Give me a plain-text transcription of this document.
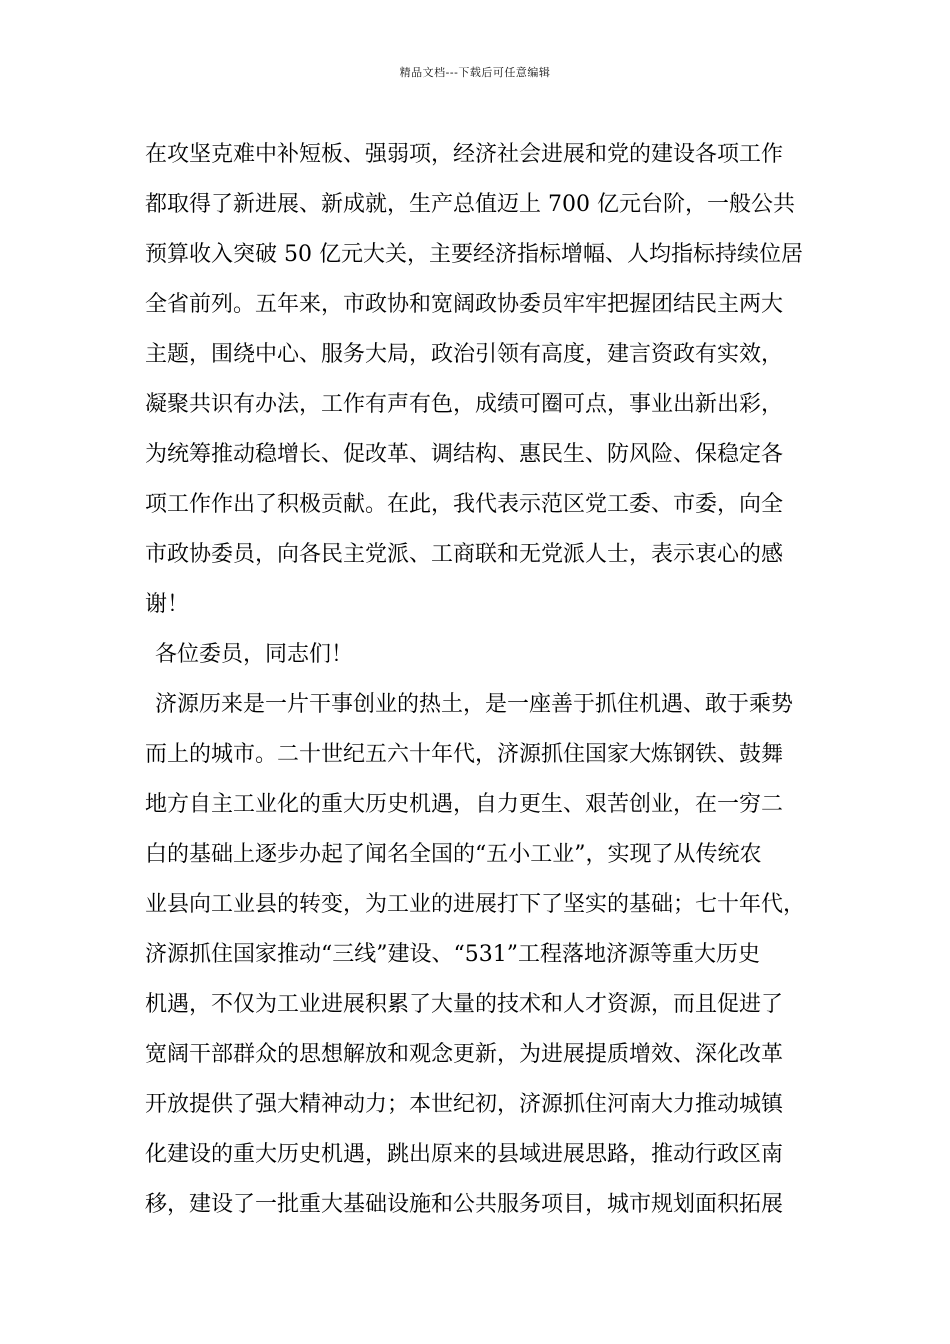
精品文档---下载后可任意编辑
在攻坚克难中补短板、强弱项，经济社会进展和党的建设各项工作
都取得了新进展、新成就，生产总值迈上 700 亿元台阶，一般公共
预算收入突破 50 亿元大关，主要经济指标增幅、人均指标持续位居
全省前列。五年来，市政协和宽阔政协委员牢牢把握团结民主两大
主题，围绕中心、服务大局，政治引领有高度，建言资政有实效，
凝聚共识有办法，工作有声有色，成绩可圈可点，事业出新出彩，
为统筹推动稳增长、促改革、调结构、惠民生、防风险、保稳定各
项工作作出了积极贡献。在此，我代表示范区党工委、市委，向全
市政协委员，向各民主党派、工商联和无党派人士，表示衷心的感
谢！
各位委员，同志们！
济源历来是一片干事创业的热土，是一座善于抓住机遇、敢于乘势
而上的城市。二十世纪五六十年代，济源抓住国家大炼钢铁、鼓舞
地方自主工业化的重大历史机遇，自力更生、艰苦创业，在一穷二
白的基础上逐步办起了闻名全国的“五小工业”，实现了从传统农
业县向工业县的转变，为工业的进展打下了坚实的基础；七十年代，
济源抓住国家推动“三线”建设、“531”工程落地济源等重大历史
机遇，不仅为工业进展积累了大量的技术和人才资源，而且促进了
宽阔干部群众的思想解放和观念更新，为进展提质增效、深化改革
开放提供了强大精神动力；本世纪初，济源抓住河南大力推动城镇
化建设的重大历史机遇，跳出原来的县域进展思路，推动行政区南
移，建设了一批重大基础设施和公共服务项目，城市规划面积拓展
